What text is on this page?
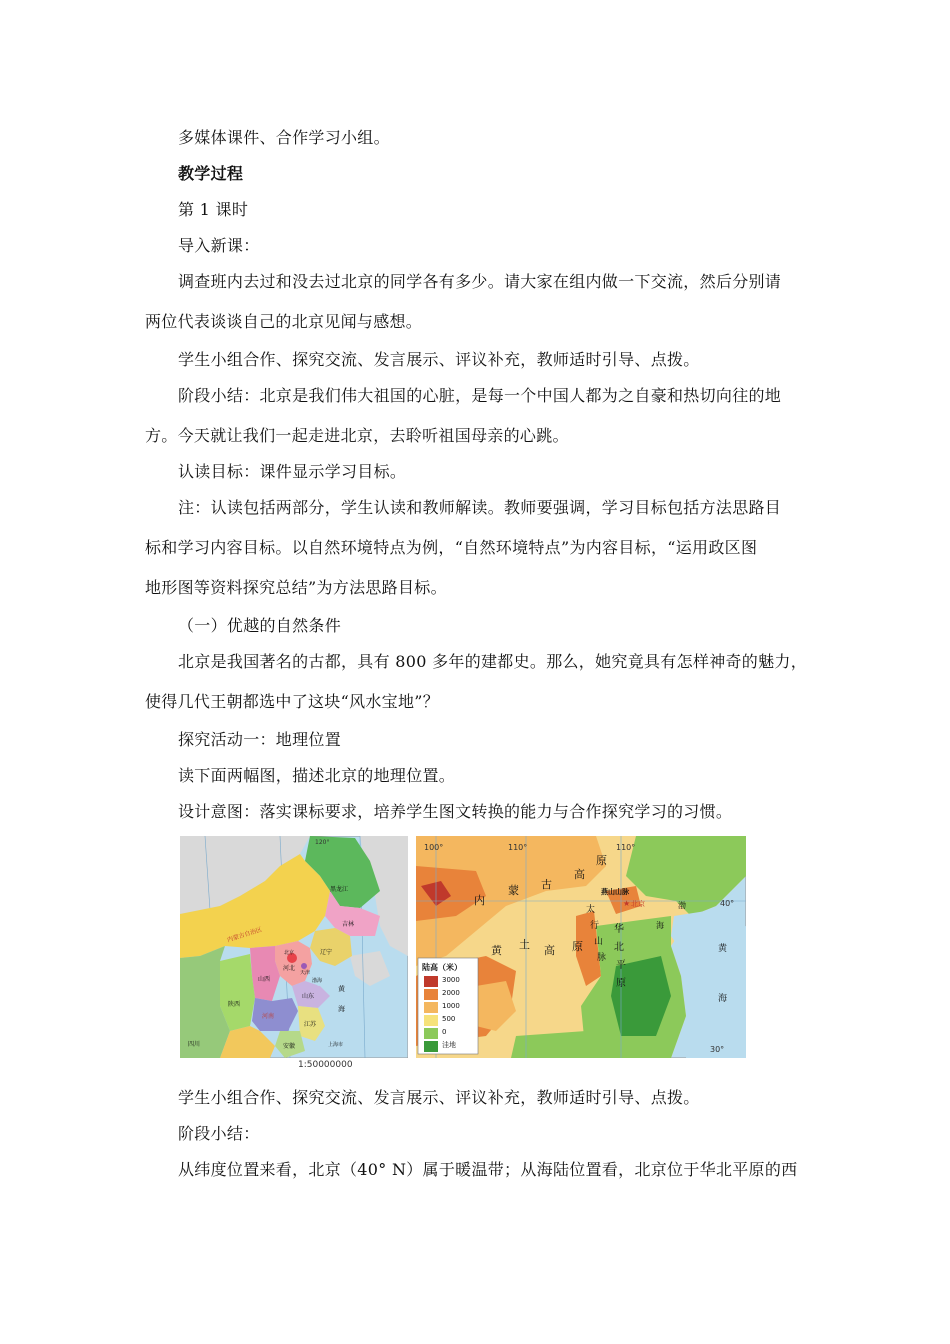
多媒体课件、合作学习小组。
教学过程
第 1 课时
导入新课：
调查班内去过和没去过北京的同学各有多少。请大家在组内做一下交流，然后分别请
两位代表谈谈自己的北京见闻与感想。
学生小组合作、探究交流、发言展示、评议补充，教师适时引导、点拨。
阶段小结：北京是我们伟大祖国的心脏，是每一个中国人都为之自豪和热切向往的地
方。今天就让我们一起走进北京，去聆听祖国母亲的心跳。
认读目标：课件显示学习目标。
注：认读包括两部分，学生认读和教师解读。教师要强调，学习目标包括方法思路目
标和学习内容目标。以自然环境特点为例，“自然环境特点”为内容目标，“运用政区图
地形图等资料探究总结”为方法思路目标。
（一）优越的自然条件
北京是我国著名的古都，具有 800 多年的建都史。那么，她究竟具有怎样神奇的魅力，
使得几代王朝都选中了这块“风水宝地”？
探究活动一：地理位置
读下面两幅图，描述北京的地理位置。
设计意图：落实课标要求，培养学生图文转换的能力与合作探究学习的习惯。
120°
黑龙江
吉林
辽宁
内蒙古自治区
北京
天津
河北
山西
山东
陕西
河南
江苏
安徽
四川
渤海
黄
海
上海市
1:50000000
100°	110°	110°
40°
30°
原
高
古
蒙
内
燕山山脉
北京
★
太
行
山
脉
华
北
平
原
黄 土 高 原
渤
海
黄
海
陆高（米）
3000
2000
1000
500
0
洼地
学生小组合作、探究交流、发言展示、评议补充，教师适时引导、点拨。
阶段小结：
从纬度位置来看，北京（40° N）属于暖温带；从海陆位置看，北京位于华北平原的西
